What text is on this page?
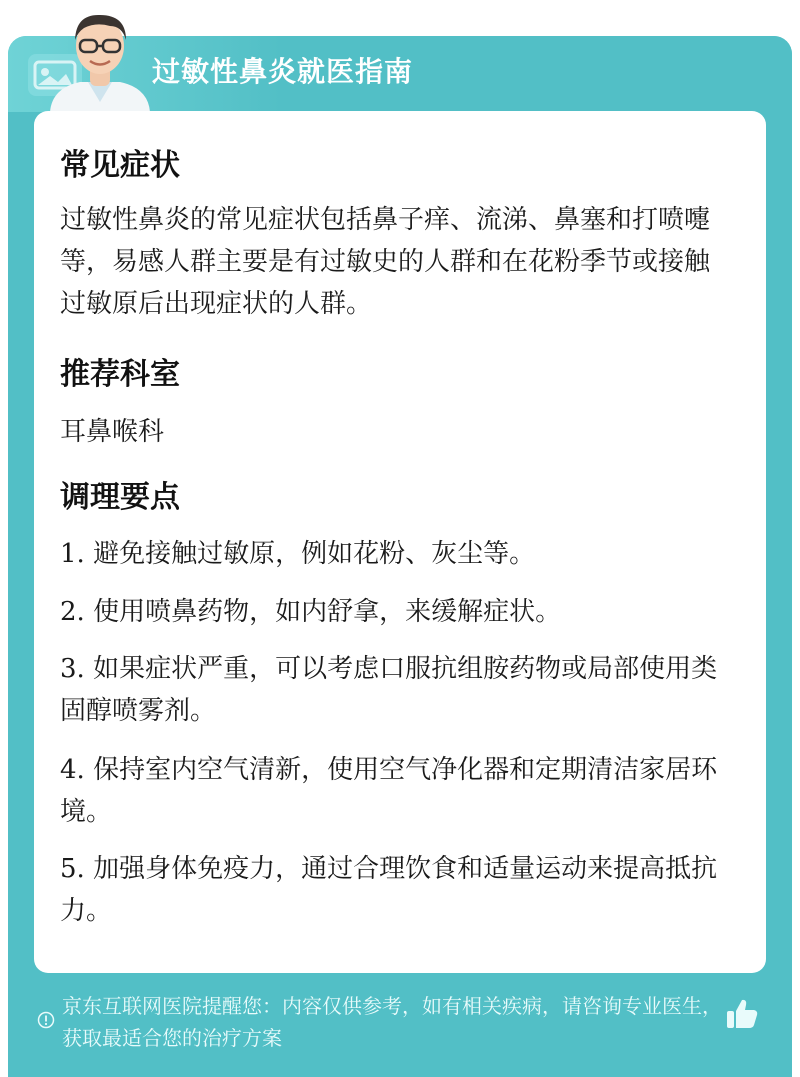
过敏性鼻炎就医指南
常见症状
过敏性鼻炎的常见症状包括鼻子痒、流涕、鼻塞和打喷嚏等，易感人群主要是有过敏史的人群和在花粉季节或接触过敏原后出现症状的人群。
推荐科室
耳鼻喉科
调理要点
1. 避免接触过敏原，例如花粉、灰尘等。
2. 使用喷鼻药物，如内舒拿，来缓解症状。
3. 如果症状严重，可以考虑口服抗组胺药物或局部使用类固醇喷雾剂。
4. 保持室内空气清新，使用空气净化器和定期清洁家居环境。
5. 加强身体免疫力，通过合理饮食和适量运动来提高抵抗力。
京东互联网医院提醒您：内容仅供参考，如有相关疾病，请咨询专业医生，获取最适合您的治疗方案
